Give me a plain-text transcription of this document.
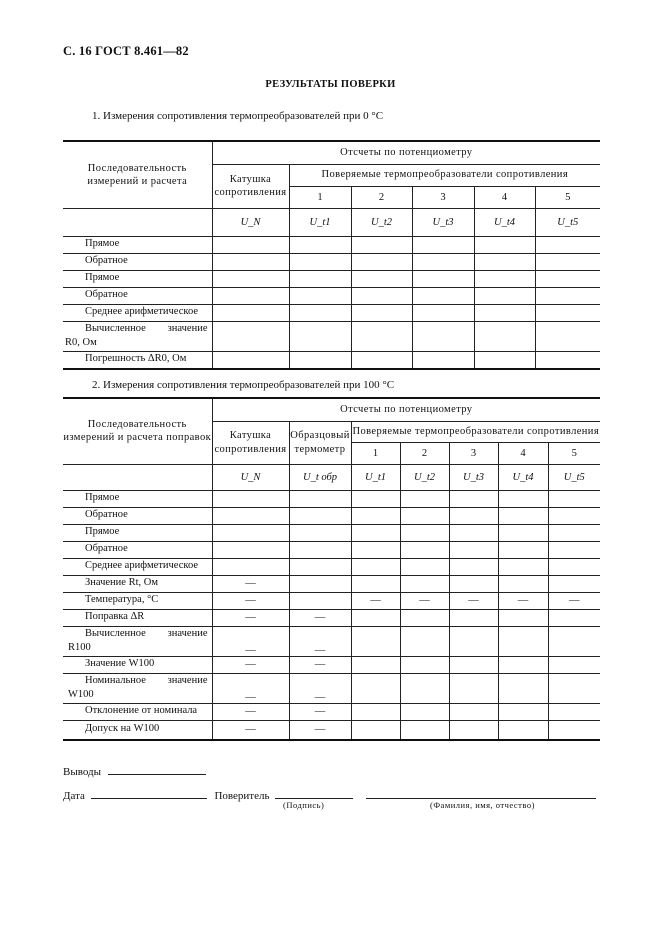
С. 16 ГОСТ 8.461—82
РЕЗУЛЬТАТЫ ПОВЕРКИ
1. Измерения сопротивления термопреобразователей при 0 °С
Последовательность измерений и расчета	Отсчеты по потенциометру					
	Катушка сопротивления	Поверяемые термопреобразователи сопротивления				
		1	2	3	4	5
	U_N	U_t1	U_t2	U_t3	U_t4	U_t5
Прямое						
Обратное						
Прямое						
Обратное						
Среднее арифметическое						

Вычисленное значение
R0, Ом						

Погрешность ΔR0, Ом						
2. Измерения сопротивления термопреобразователей при 100 °С
Последовательность измерений и расчета поправок	Отсчеты по потенциометру						
	Катушка сопротивления	Образцовый термометр	Поверяемые термопреобразователи сопротивления				
			1	2	3	4	5
	U_N	U_t обр	U_t1	U_t2	U_t3	U_t4	U_t5
Прямое							
Обратное							
Прямое							
Обратное							
Среднее арифметическое							
Значение Rt, Ом	—						
Температура, °С	—		—	—	—	—	—
Поправка ΔR	—	—					

Вычисленное значение
R100	—	—					
Значение W100	—	—					

Номинальное значение
W100	—	—					
Отклонение от номинала	—	—					
Допуск на W100	—	—					
Выводы
Дата	Поверитель
(Подпись)	(Фамилия, имя, отчество)
